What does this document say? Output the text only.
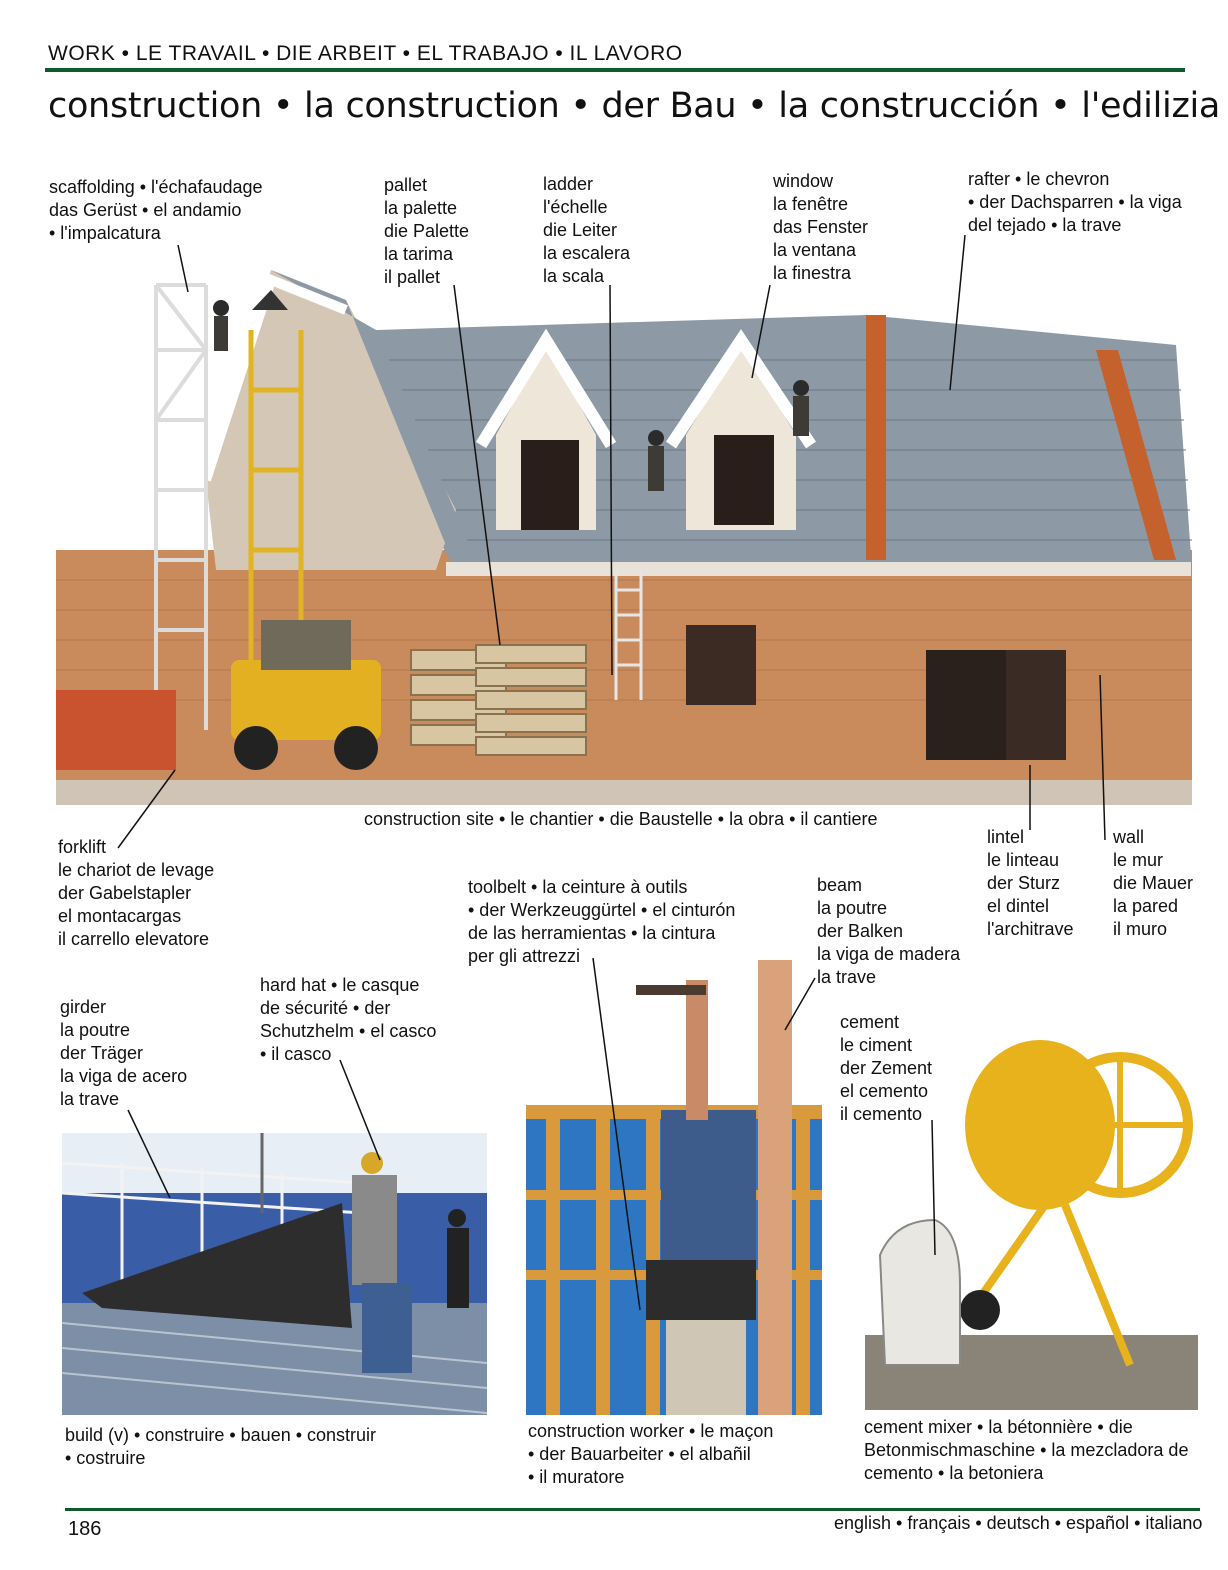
WORK • LE TRAVAIL • DIE ARBEIT • EL TRABAJO • IL LAVORO
construction • la construction • der Bau • la construcción • l'edilizia
scaffolding • l'échafaudage
das Gerüst • el andamio
• l'impalcatura
pallet
la palette
die Palette
la tarima
il pallet
ladder
l'échelle
die Leiter
la escalera
la scala
window
la fenêtre
das Fenster
la ventana
la finestra
rafter • le chevron
• der Dachsparren • la viga
del tejado • la trave
construction site • le chantier • die Baustelle • la obra • il cantiere
forklift
le chariot de levage
der Gabelstapler
el montacargas
il carrello elevatore
lintel
le linteau
der Sturz
el dintel
l'architrave
wall
le mur
die Mauer
la pared
il muro
toolbelt • la ceinture à outils
• der Werkzeuggürtel • el cinturón
de las herramientas • la cintura
per gli attrezzi
beam
la poutre
der Balken
la viga de madera
la trave
girder
la poutre
der Träger
la viga de acero
la trave
hard hat • le casque
de sécurité • der
Schutzhelm • el casco
• il casco
cement
le ciment
der Zement
el cemento
il cemento
build (v) • construire • bauen • construir
• costruire
construction worker • le maçon
• der Bauarbeiter • el albañil
• il muratore
cement mixer • la bétonnière • die
Betonmischmaschine • la mezcladora de
cemento • la betoniera
186	english • français • deutsch • español • italiano
